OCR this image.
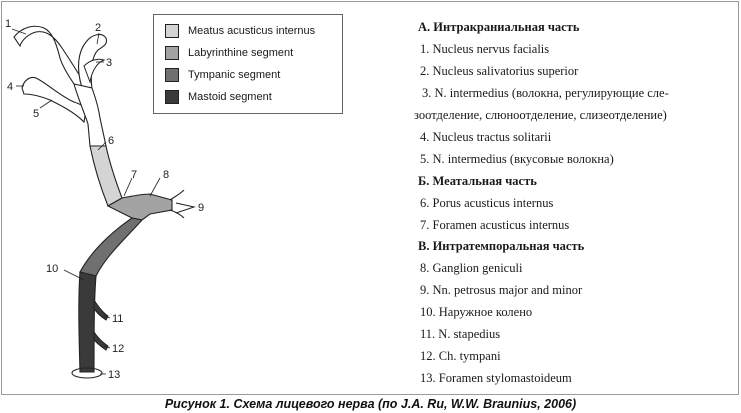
1	2
3
4
5
6
7 8
9
10
11
12
13
Meatus acusticus internus
Labyrinthine segment
Tympanic segment
Mastoid segment
А. Интракраниальная часть
1. Nucleus nervus facialis
2. Nucleus salivatorius superior
3. N. intermedius (волокна, регулирующие сле-
зоотделение, слюноотделение, слизеотделение)
4. Nucleus tractus solitarii
5. N. intermedius (вкусовые волокна)
Б. Меатальная часть
6. Porus acusticus internus
7. Foramen acusticus internus
В. Интратемпоральная часть
8. Ganglion geniculi
9. Nn. petrosus major and minor
10. Наружное колено
11. N. stapedius
12. Ch. tympani
13. Foramen stylomastoideum
Рисунок 1. Схема лицевого нерва (по J.A. Ru, W.W. Braunius, 2006)
